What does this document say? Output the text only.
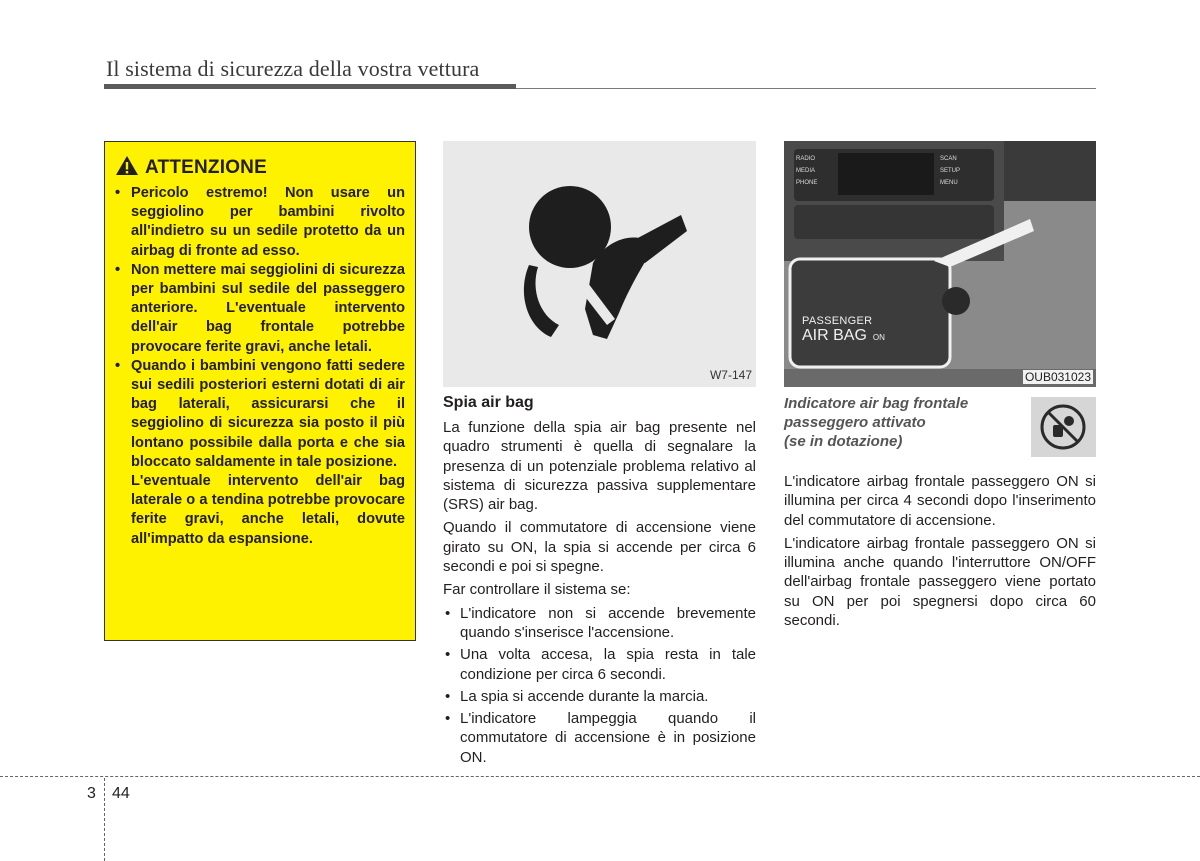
Il sistema di sicurezza della vostra vettura
ATTENZIONE
• Pericolo estremo! Non usare un seggiolino per bambini rivolto all'indietro su un sedile protetto da un airbag di fronte ad esso.
• Non mettere mai seggiolini di sicurezza per bambini sul sedile del passeggero anteriore. L'eventuale intervento dell'air bag frontale potrebbe provocare ferite gravi, anche letali.
• Quando i bambini vengono fatti sedere sui sedili posteriori esterni dotati di air bag laterali, assicurarsi che il seggiolino di sicurezza sia posto il più lontano possibile dalla porta e che sia bloccato saldamente in tale posizione.
L'eventuale intervento dell'air bag laterale o a tendina potrebbe provocare ferite gravi, anche letali, dovute all'impatto da espansione.
W7-147
Spia air bag

La funzione della spia air bag presente nel quadro strumenti è quella di segnalare la presenza di un potenziale problema relativo al sistema di sicurezza passiva supplementare (SRS) air bag.

Quando il commutatore di accensione viene girato su ON, la spia si accende per circa 6 secondi e poi si spegne.

Far controllare il sistema se:

• L'indicatore non si accende brevemente quando s'inserisce l'accensione.
• Una volta accesa, la spia resta in tale condizione per circa 6 secondi.
• La spia si accende durante la marcia.
• L'indicatore lampeggia quando il commutatore di accensione è in posizione ON.
RADIO
MEDIA
PHONE
SCAN
SETUP
MENU
PASSENGER
AIR BAG ON
OUB031023
Indicatore air bag frontale
passeggero attivato
(se in dotazione)

L'indicatore airbag frontale passeggero ON si illumina per circa 4 secondi dopo l'inserimento del commutatore di accensione.

L'indicatore airbag frontale passeggero ON si illumina anche quando l'interruttore ON/OFF dell'airbag frontale passeggero viene portato su ON per poi spegnersi dopo circa 60 secondi.

3 44
